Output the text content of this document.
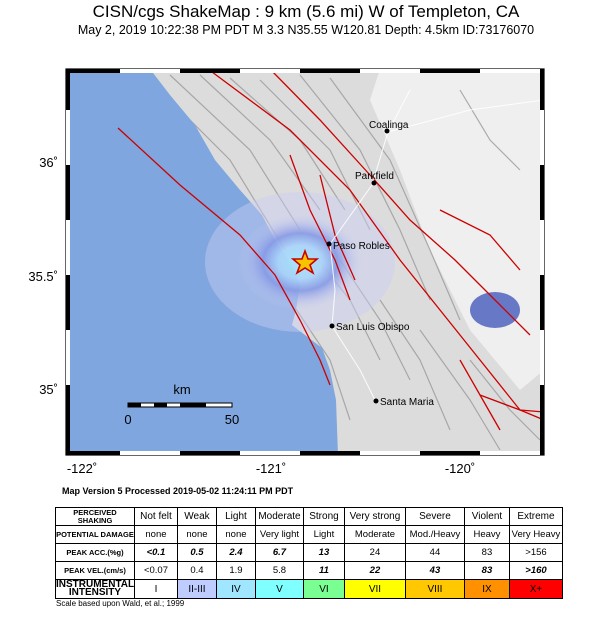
CISN/cgs ShakeMap : 9 km (5.6 mi) W of Templeton, CA
May 2, 2019 10:22:38 PM PDT M 3.3 N35.55 W120.81 Depth: 4.5km ID:73176070
36˚
35.5˚
35˚
-122˚	-121˚	-120˚
Coalinga
Parkfield
Paso Robles
San Luis Obispo
Santa Maria
km
0	50
Map Version 5 Processed 2019-05-02 11:24:11 PM PDT
PERCEIVED SHAKING	Not felt	Weak	Light	Moderate	Strong	Very strong	Severe	Violent	Extreme
POTENTIAL DAMAGE	none	none	none	Very light	Light	Moderate	Mod./Heavy	Heavy	Very Heavy
PEAK ACC.(%g)	<0.1	0.5	2.4	6.7	13	24	44	83	>156
PEAK VEL.(cm/s)	<0.07	0.4	1.9	5.8	11	22	43	83	>160
INSTRUMENTAL INTENSITY	I	II-III	IV	V	VI	VII	VIII	IX	X+
Scale based upon Wald, et al.; 1999
